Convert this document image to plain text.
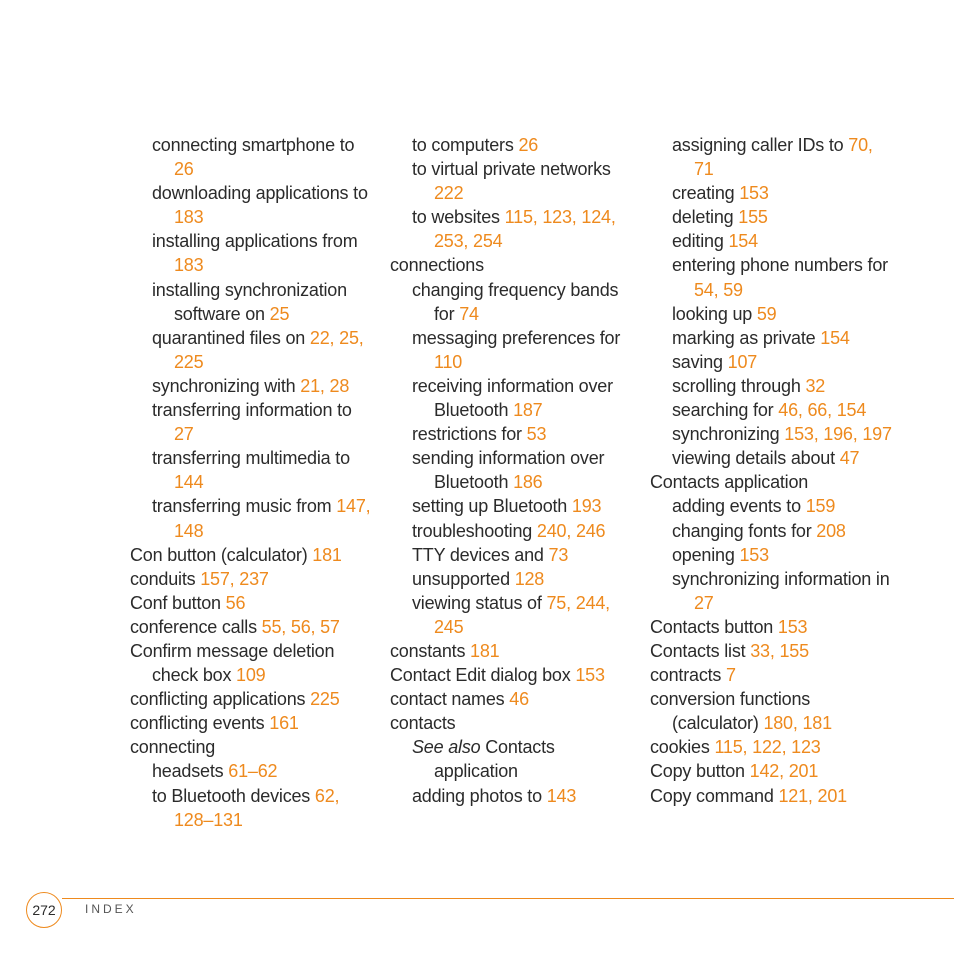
connecting smartphone to 26
downloading applications to 183
installing applications from 183
installing synchronization software on 25
quarantined files on 22, 25, 225
synchronizing with 21, 28
transferring information to 27
transferring multimedia to 144
transferring music from 147, 148
Con button (calculator) 181
conduits 157, 237
Conf button 56
conference calls 55, 56, 57
Confirm message deletion check box 109
conflicting applications 225
conflicting events 161
connecting
headsets 61–62
to Bluetooth devices 62, 128–131
to computers 26
to virtual private networks 222
to websites 115, 123, 124, 253, 254
connections
changing frequency bands for 74
messaging preferences for 110
receiving information over Bluetooth 187
restrictions for 53
sending information over Bluetooth 186
setting up Bluetooth 193
troubleshooting 240, 246
TTY devices and 73
unsupported 128
viewing status of 75, 244, 245
constants 181
Contact Edit dialog box 153
contact names 46
contacts
See also Contacts application
adding photos to 143
assigning caller IDs to 70, 71
creating 153
deleting 155
editing 154
entering phone numbers for 54, 59
looking up 59
marking as private 154
saving 107
scrolling through 32
searching for 46, 66, 154
synchronizing 153, 196, 197
viewing details about 47
Contacts application
adding events to 159
changing fonts for 208
opening 153
synchronizing information in 27
Contacts button 153
Contacts list 33, 155
contracts 7
conversion functions (calculator) 180, 181
cookies 115, 122, 123
Copy button 142, 201
Copy command 121, 201
272 INDEX
